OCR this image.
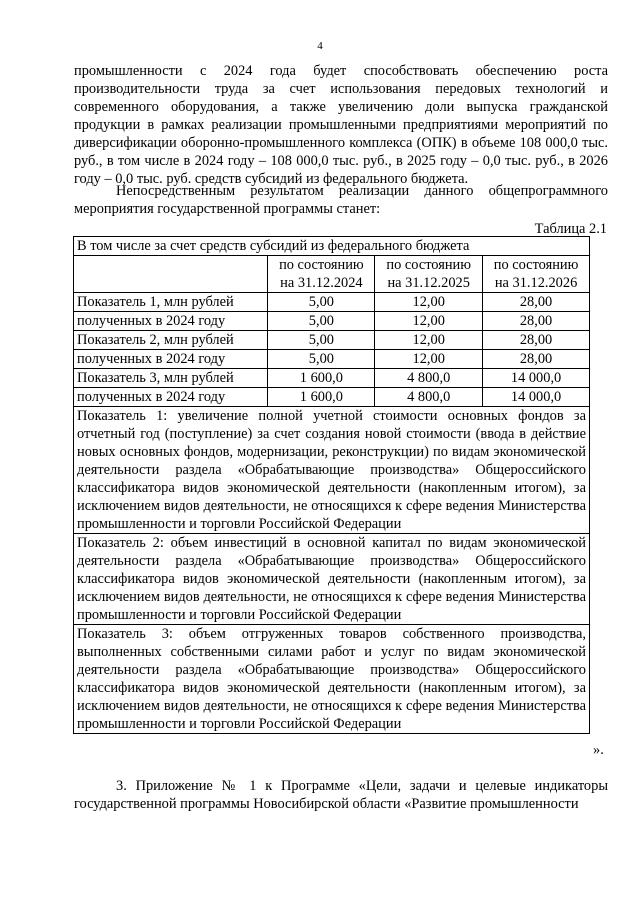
4
промышленности с 2024 года будет способствовать обеспечению роста производительности труда за счет использования передовых технологий и современного оборудования, а также увеличению доли выпуска гражданской продукции в рамках реализации промышленными предприятиями мероприятий по диверсификации оборонно-промышленного комплекса (ОПК) в объеме 108 000,0 тыс. руб., в том числе в 2024 году – 108 000,0 тыс. руб., в 2025 году – 0,0 тыс. руб., в 2026 году – 0,0 тыс. руб. средств субсидий из федерального бюджета.
Непосредственным результатом реализации данного общепрограммного мероприятия государственной программы станет:
Таблица 2.1
В том числе за счет средств субсидий из федерального бюджета			
	по состоянию на 31.12.2024	по состоянию на 31.12.2025	по состоянию на 31.12.2026
Показатель 1, млн рублей	5,00	12,00	28,00
полученных в 2024 году	5,00	12,00	28,00
Показатель 2, млн рублей	5,00	12,00	28,00
полученных в 2024 году	5,00	12,00	28,00
Показатель 3, млн рублей	1 600,0	4 800,0	14 000,0
полученных в 2024 году	1 600,0	4 800,0	14 000,0
Показатель 1: увеличение полной учетной стоимости основных фондов за отчетный год (поступление) за счет создания новой стоимости (ввода в действие новых основных фондов, модернизации, реконструкции) по видам экономической деятельности раздела «Обрабатывающие производства» Общероссийского классификатора видов экономической деятельности (накопленным итогом), за исключением видов деятельности, не относящихся к сфере ведения Министерства промышленности и торговли Российской Федерации			
Показатель 2: объем инвестиций в основной капитал по видам экономической деятельности раздела «Обрабатывающие производства» Общероссийского классификатора видов экономической деятельности (накопленным итогом), за исключением видов деятельности, не относящихся к сфере ведения Министерства промышленности и торговли Российской Федерации			
Показатель 3: объем отгруженных товаров собственного производства, выполненных собственными силами работ и услуг по видам экономической деятельности раздела «Обрабатывающие производства» Общероссийского классификатора видов экономической деятельности (накопленным итогом), за исключением видов деятельности, не относящихся к сфере ведения Министерства промышленности и торговли Российской Федерации			
».
3. Приложение № 1 к Программе «Цели, задачи и целевые индикаторы государственной программы Новосибирской области «Развитие промышленности
